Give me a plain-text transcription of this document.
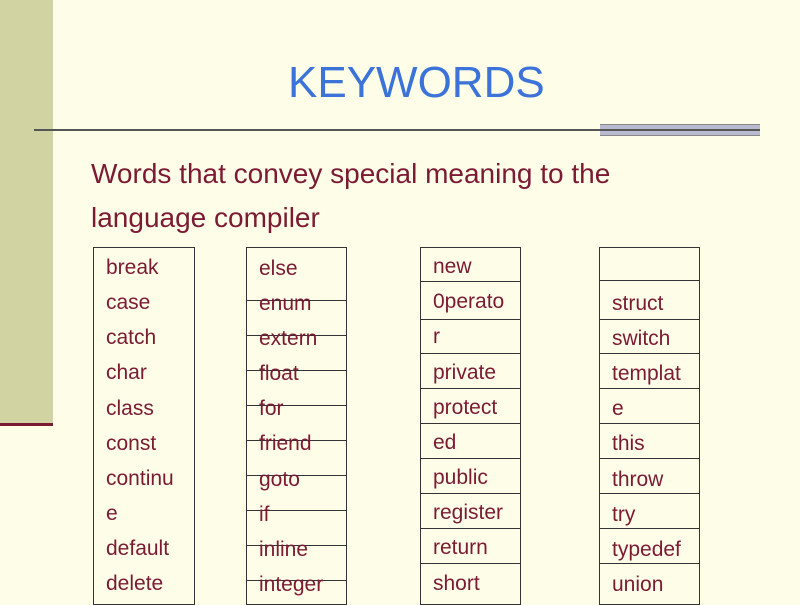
KEYWORDS
Words that convey special meaning to the language compiler
break
case
catch
char
class
const
continu
e
default
delete
else
enum
extern
float
for
friend
goto
if
inline
integer
new
0perato
r
private
protect
ed
public
register
return
short
struct
switch
templat
e
this
throw
try
typedef
union
